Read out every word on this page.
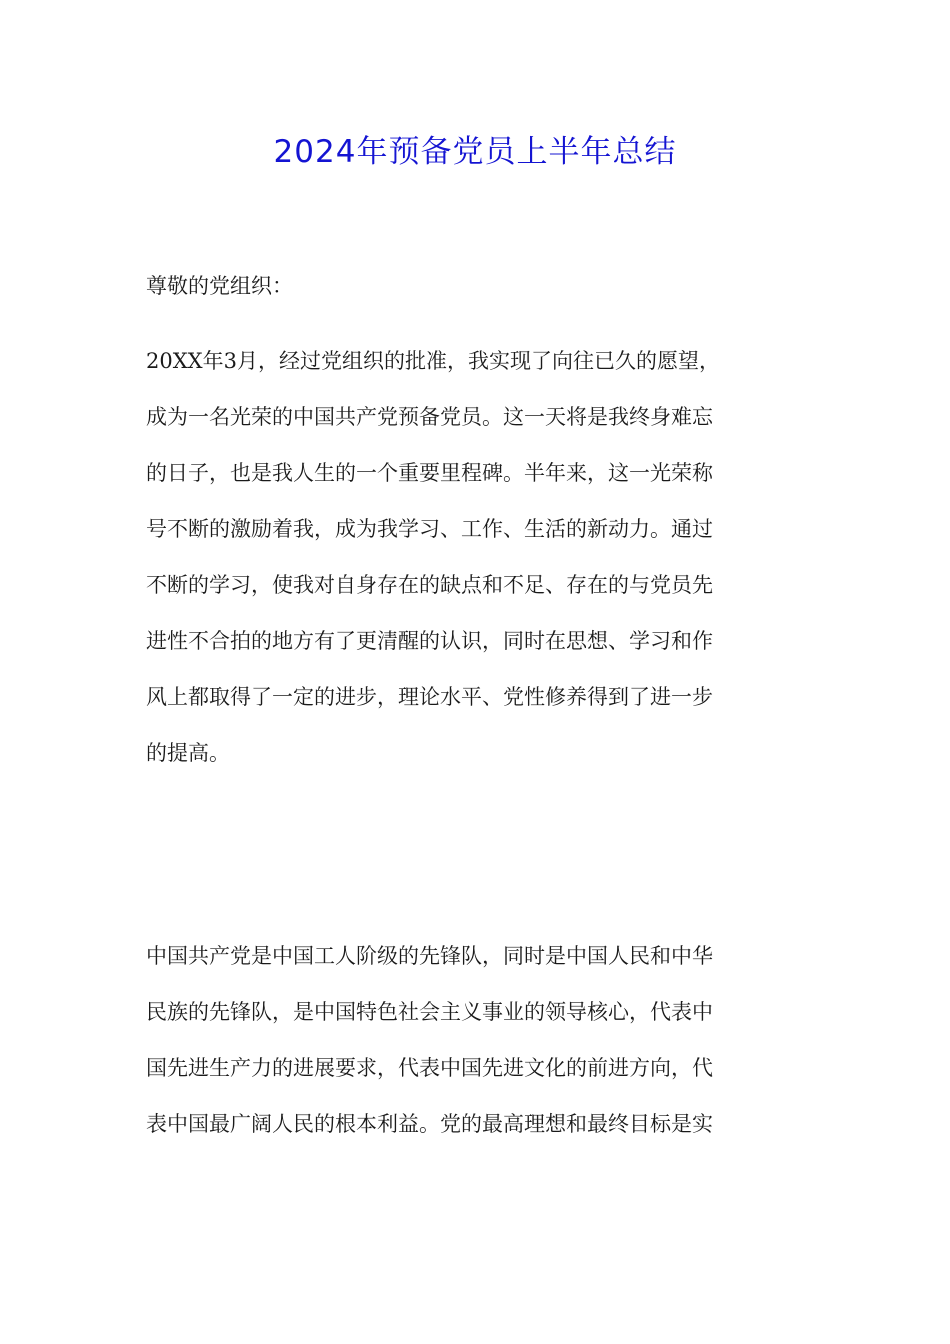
2024年预备党员上半年总结

尊敬的党组织：

20XX年3月，经过党组织的批准，我实现了向往已久的愿望，
成为一名光荣的中国共产党预备党员。这一天将是我终身难忘
的日子，也是我人生的一个重要里程碑。半年来，这一光荣称
号不断的激励着我，成为我学习、工作、生活的新动力。通过
不断的学习，使我对自身存在的缺点和不足、存在的与党员先
进性不合拍的地方有了更清醒的认识，同时在思想、学习和作
风上都取得了一定的进步，理论水平、党性修养得到了进一步
的提高。
中国共产党是中国工人阶级的先锋队，同时是中国人民和中华
民族的先锋队，是中国特色社会主义事业的领导核心，代表中
国先进生产力的进展要求，代表中国先进文化的前进方向，代
表中国最广阔人民的根本利益。党的最高理想和最终目标是实
